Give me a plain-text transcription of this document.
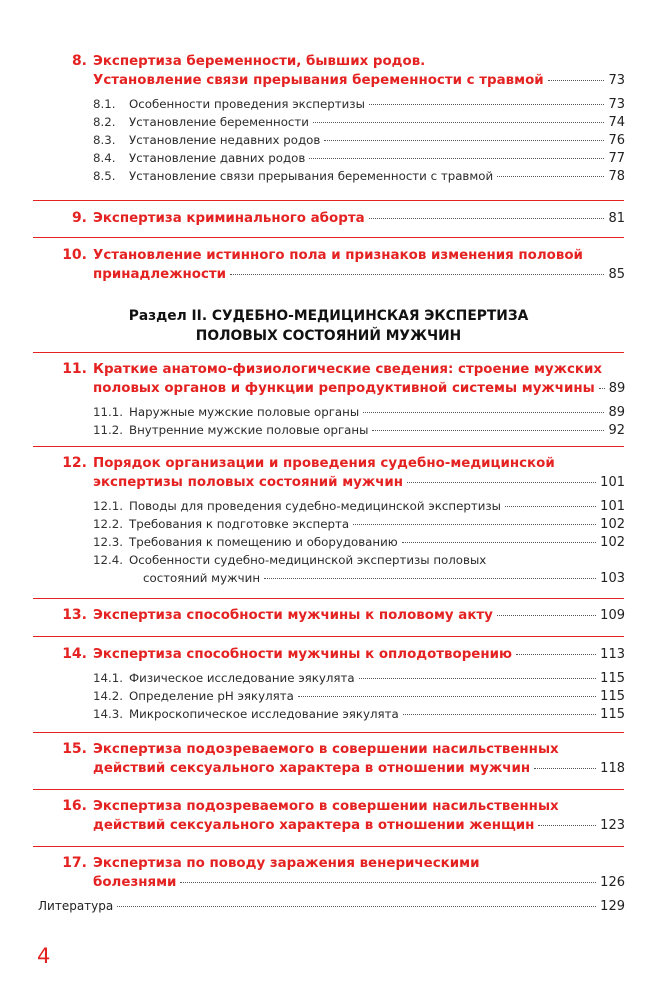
8. Экспертиза беременности, бывших родов.
Установление связи прерывания беременности с травмой	73
8.1.	Особенности проведения экспертизы	73
8.2.	Установление беременности	74
8.3.	Установление недавних родов	76
8.4.	Установление давних родов	77
8.5.	Установление связи прерывания беременности с травмой	78
9. Экспертиза криминального аборта	81
10. Установление истинного пола и признаков изменения половой
принадлежности	85
Раздел II. СУДЕБНО-МЕДИЦИНСКАЯ ЭКСПЕРТИЗА
ПОЛОВЫХ СОСТОЯНИЙ МУЖЧИН
11. Краткие анатомо-физиологические сведения: строение мужских
половых органов и функции репродуктивной системы мужчины 89
11.1. Наружные мужские половые органы	89
11.2. Внутренние мужские половые органы	92
12. Порядок организации и проведения судебно-медицинской
экспертизы половых состояний мужчин	101
12.1. Поводы для проведения судебно-медицинской экспертизы	101
12.2. Требования к подготовке эксперта	102
12.3. Требования к помещению и оборудованию	102
12.4. Особенности судебно-медицинской экспертизы половых
состояний мужчин	103
13. Экспертиза способности мужчины к половому акту	109
14. Экспертиза способности мужчины к оплодотворению	113
14.1. Физическое исследование эякулята	115
14.2. Определение pH эякулята	115
14.3. Микроскопическое исследование эякулята	115
15. Экспертиза подозреваемого в совершении насильственных
действий сексуального характера в отношении мужчин	118
16. Экспертиза подозреваемого в совершении насильственных
действий сексуального характера в отношении женщин	123
17. Экспертиза по поводу заражения венерическими
болезнями	126
Литература	129
4
